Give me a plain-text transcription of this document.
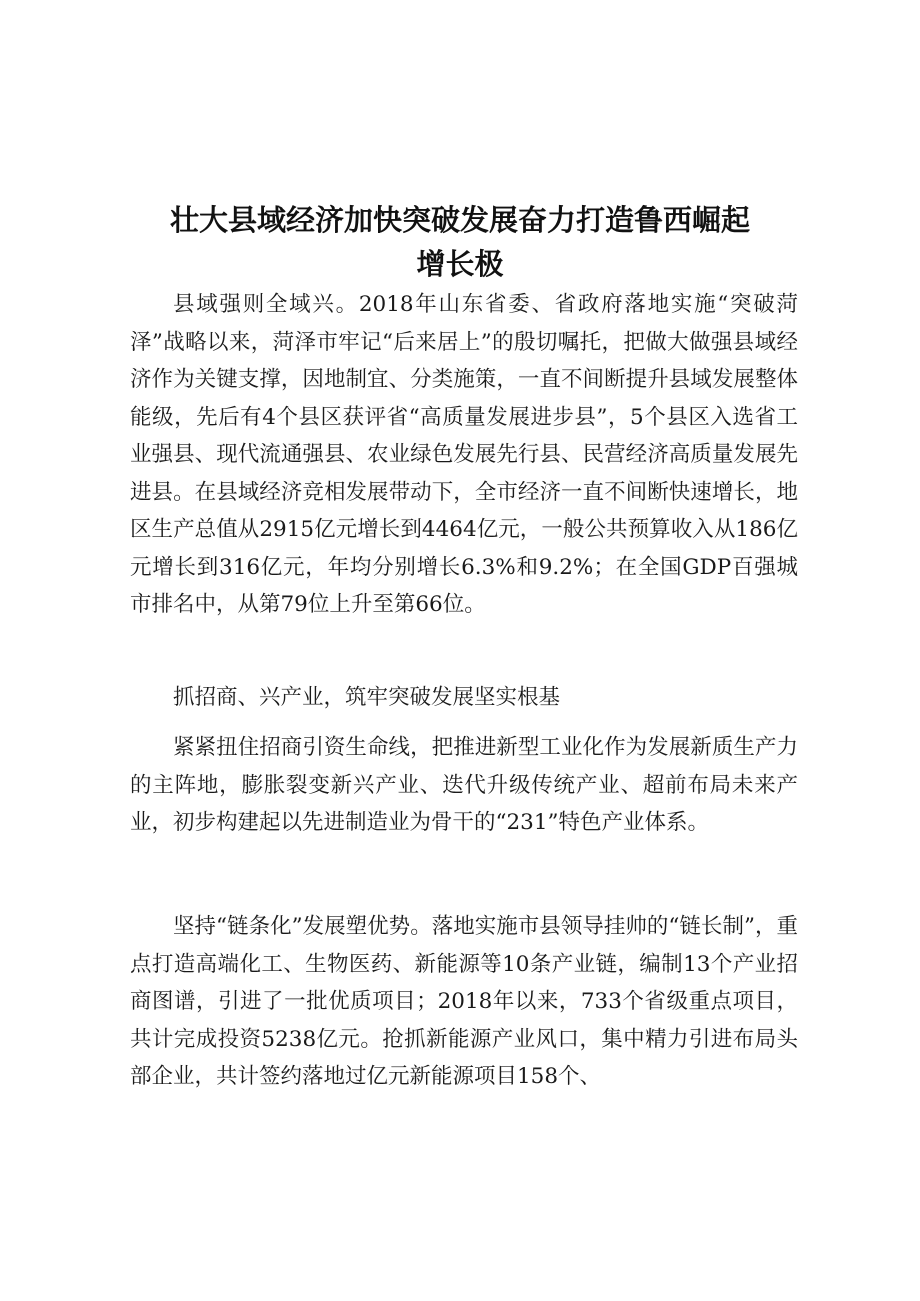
壮大县域经济加快突破发展奋力打造鲁西崛起
增长极

县域强则全域兴。2018年山东省委、省政府落地实施“突破菏泽”战略以来，菏泽市牢记“后来居上”的殷切嘱托，把做大做强县域经济作为关键支撑，因地制宜、分类施策，一直不间断提升县域发展整体能级，先后有4个县区获评省“高质量发展进步县”，5个县区入选省工业强县、现代流通强县、农业绿色发展先行县、民营经济高质量发展先进县。在县域经济竞相发展带动下，全市经济一直不间断快速增长，地区生产总值从2915亿元增长到4464亿元，一般公共预算收入从186亿元增长到316亿元，年均分别增长6.3%和9.2%；在全国GDP百强城市排名中，从第79位上升至第66位。

抓招商、兴产业，筑牢突破发展坚实根基

紧紧扭住招商引资生命线，把推进新型工业化作为发展新质生产力的主阵地，膨胀裂变新兴产业、迭代升级传统产业、超前布局未来产业，初步构建起以先进制造业为骨干的“231”特色产业体系。

坚持“链条化”发展塑优势。落地实施市县领导挂帅的“链长制”，重点打造高端化工、生物医药、新能源等10条产业链，编制13个产业招商图谱，引进了一批优质项目；2018年以来，733个省级重点项目，共计完成投资5238亿元。抢抓新能源产业风口，集中精力引进布局头部企业，共计签约落地过亿元新能源项目158个、
